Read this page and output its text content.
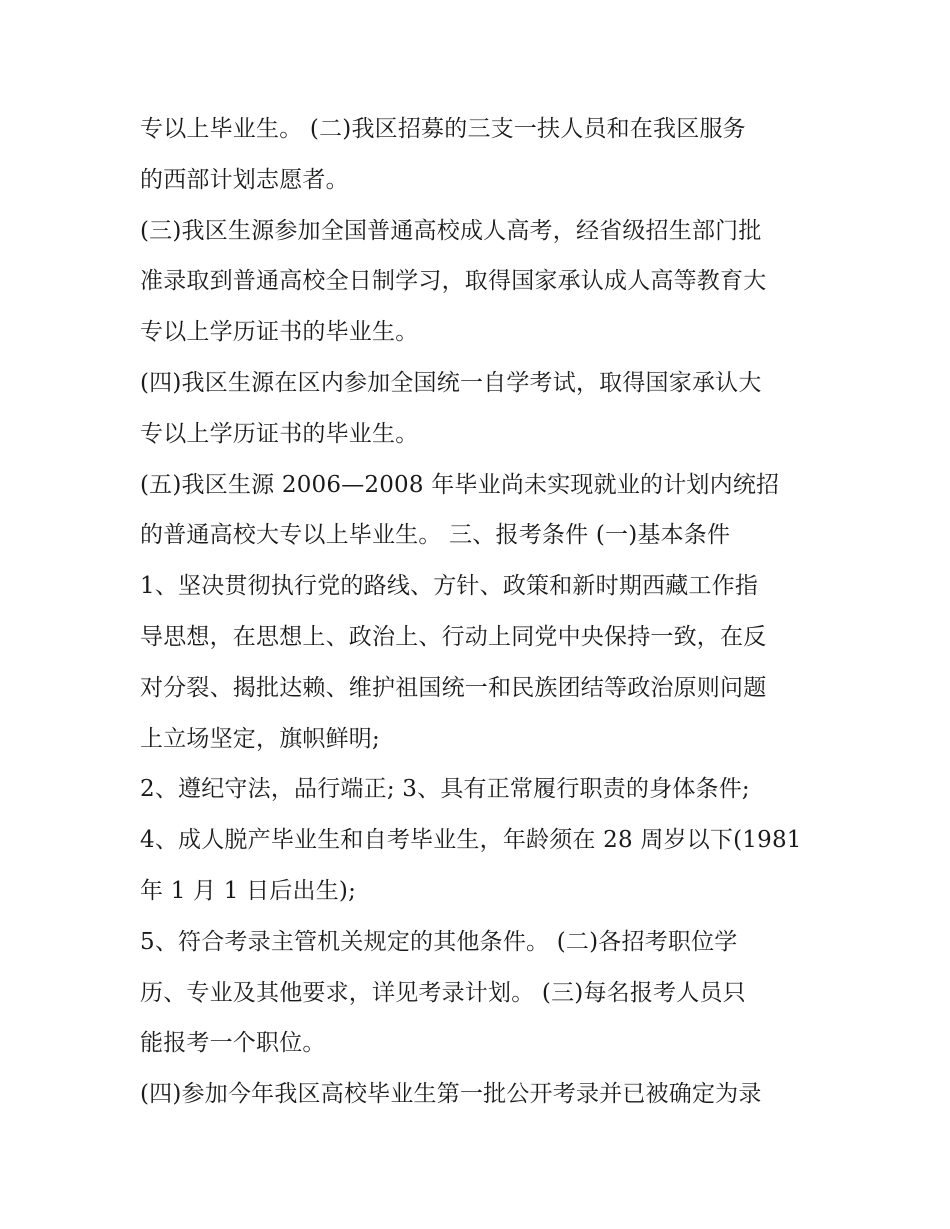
专以上毕业生。 (二)我区招募的三支一扶人员和在我区服务
的西部计划志愿者。
(三)我区生源参加全国普通高校成人高考，经省级招生部门批
准录取到普通高校全日制学习，取得国家承认成人高等教育大
专以上学历证书的毕业生。
(四)我区生源在区内参加全国统一自学考试，取得国家承认大
专以上学历证书的毕业生。
(五)我区生源 2006—2008 年毕业尚未实现就业的计划内统招
的普通高校大专以上毕业生。 三、报考条件 (一)基本条件
1、坚决贯彻执行党的路线、方针、政策和新时期西藏工作指
导思想，在思想上、政治上、行动上同党中央保持一致，在反
对分裂、揭批达赖、维护祖国统一和民族团结等政治原则问题
上立场坚定，旗帜鲜明;
2、遵纪守法，品行端正; 3、具有正常履行职责的身体条件;
4、成人脱产毕业生和自考毕业生，年龄须在 28 周岁以下(1981
年 1 月 1 日后出生);
5、符合考录主管机关规定的其他条件。 (二)各招考职位学
历、专业及其他要求，详见考录计划。 (三)每名报考人员只
能报考一个职位。
(四)参加今年我区高校毕业生第一批公开考录并已被确定为录
